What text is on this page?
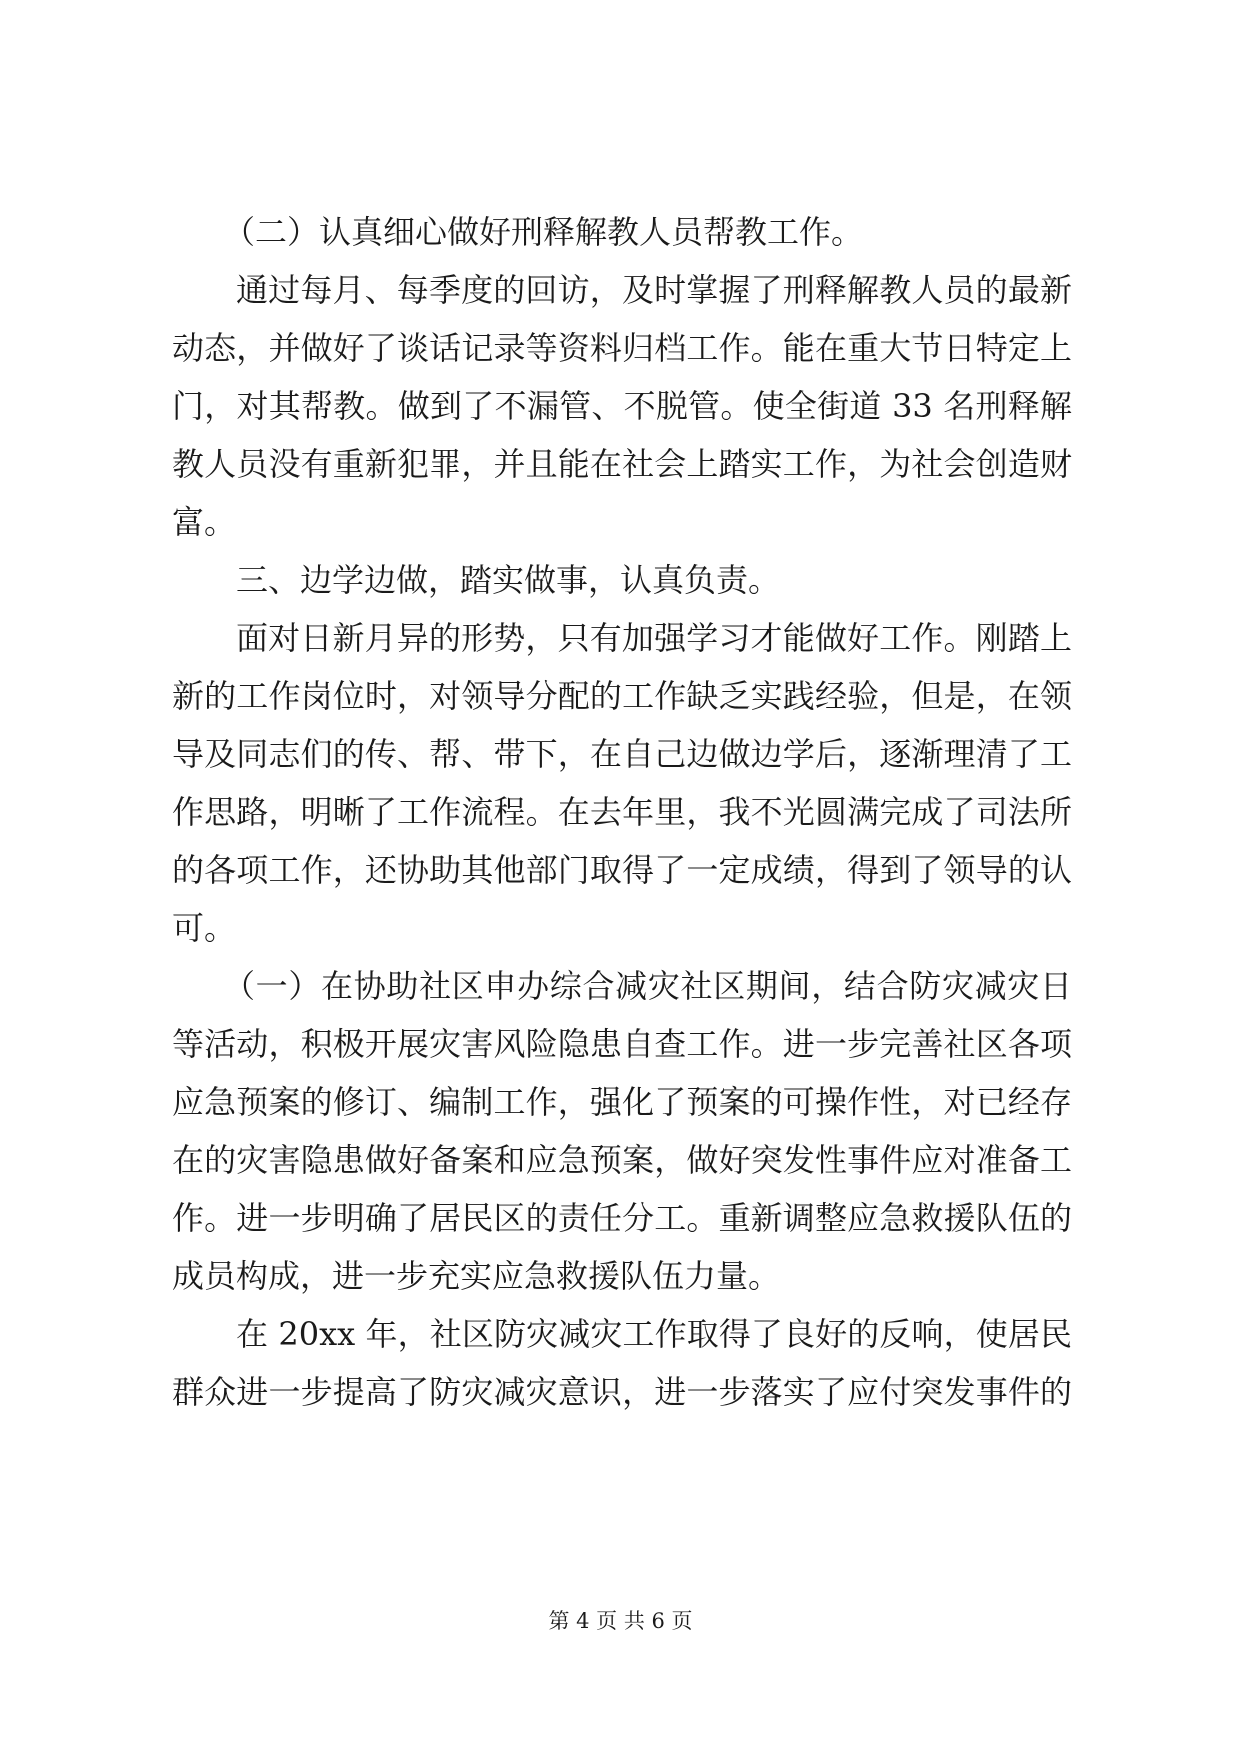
（二）认真细心做好刑释解教人员帮教工作。
通过每月、每季度的回访，及时掌握了刑释解教人员的最新
动态，并做好了谈话记录等资料归档工作。能在重大节日特定上
门，对其帮教。做到了不漏管、不脱管。使全街道 33 名刑释解
教人员没有重新犯罪，并且能在社会上踏实工作，为社会创造财
富。
三、边学边做，踏实做事，认真负责。
面对日新月异的形势，只有加强学习才能做好工作。刚踏上
新的工作岗位时，对领导分配的工作缺乏实践经验，但是，在领
导及同志们的传、帮、带下，在自己边做边学后，逐渐理清了工
作思路，明晰了工作流程。在去年里，我不光圆满完成了司法所
的各项工作，还协助其他部门取得了一定成绩，得到了领导的认
可。
（一）在协助社区申办综合减灾社区期间，结合防灾减灾日
等活动，积极开展灾害风险隐患自查工作。进一步完善社区各项
应急预案的修订、编制工作，强化了预案的可操作性，对已经存
在的灾害隐患做好备案和应急预案，做好突发性事件应对准备工
作。进一步明确了居民区的责任分工。重新调整应急救援队伍的
成员构成，进一步充实应急救援队伍力量。
在 20xx 年，社区防灾减灾工作取得了良好的反响，使居民
群众进一步提高了防灾减灾意识，进一步落实了应付突发事件的
第 4 页 共 6 页
